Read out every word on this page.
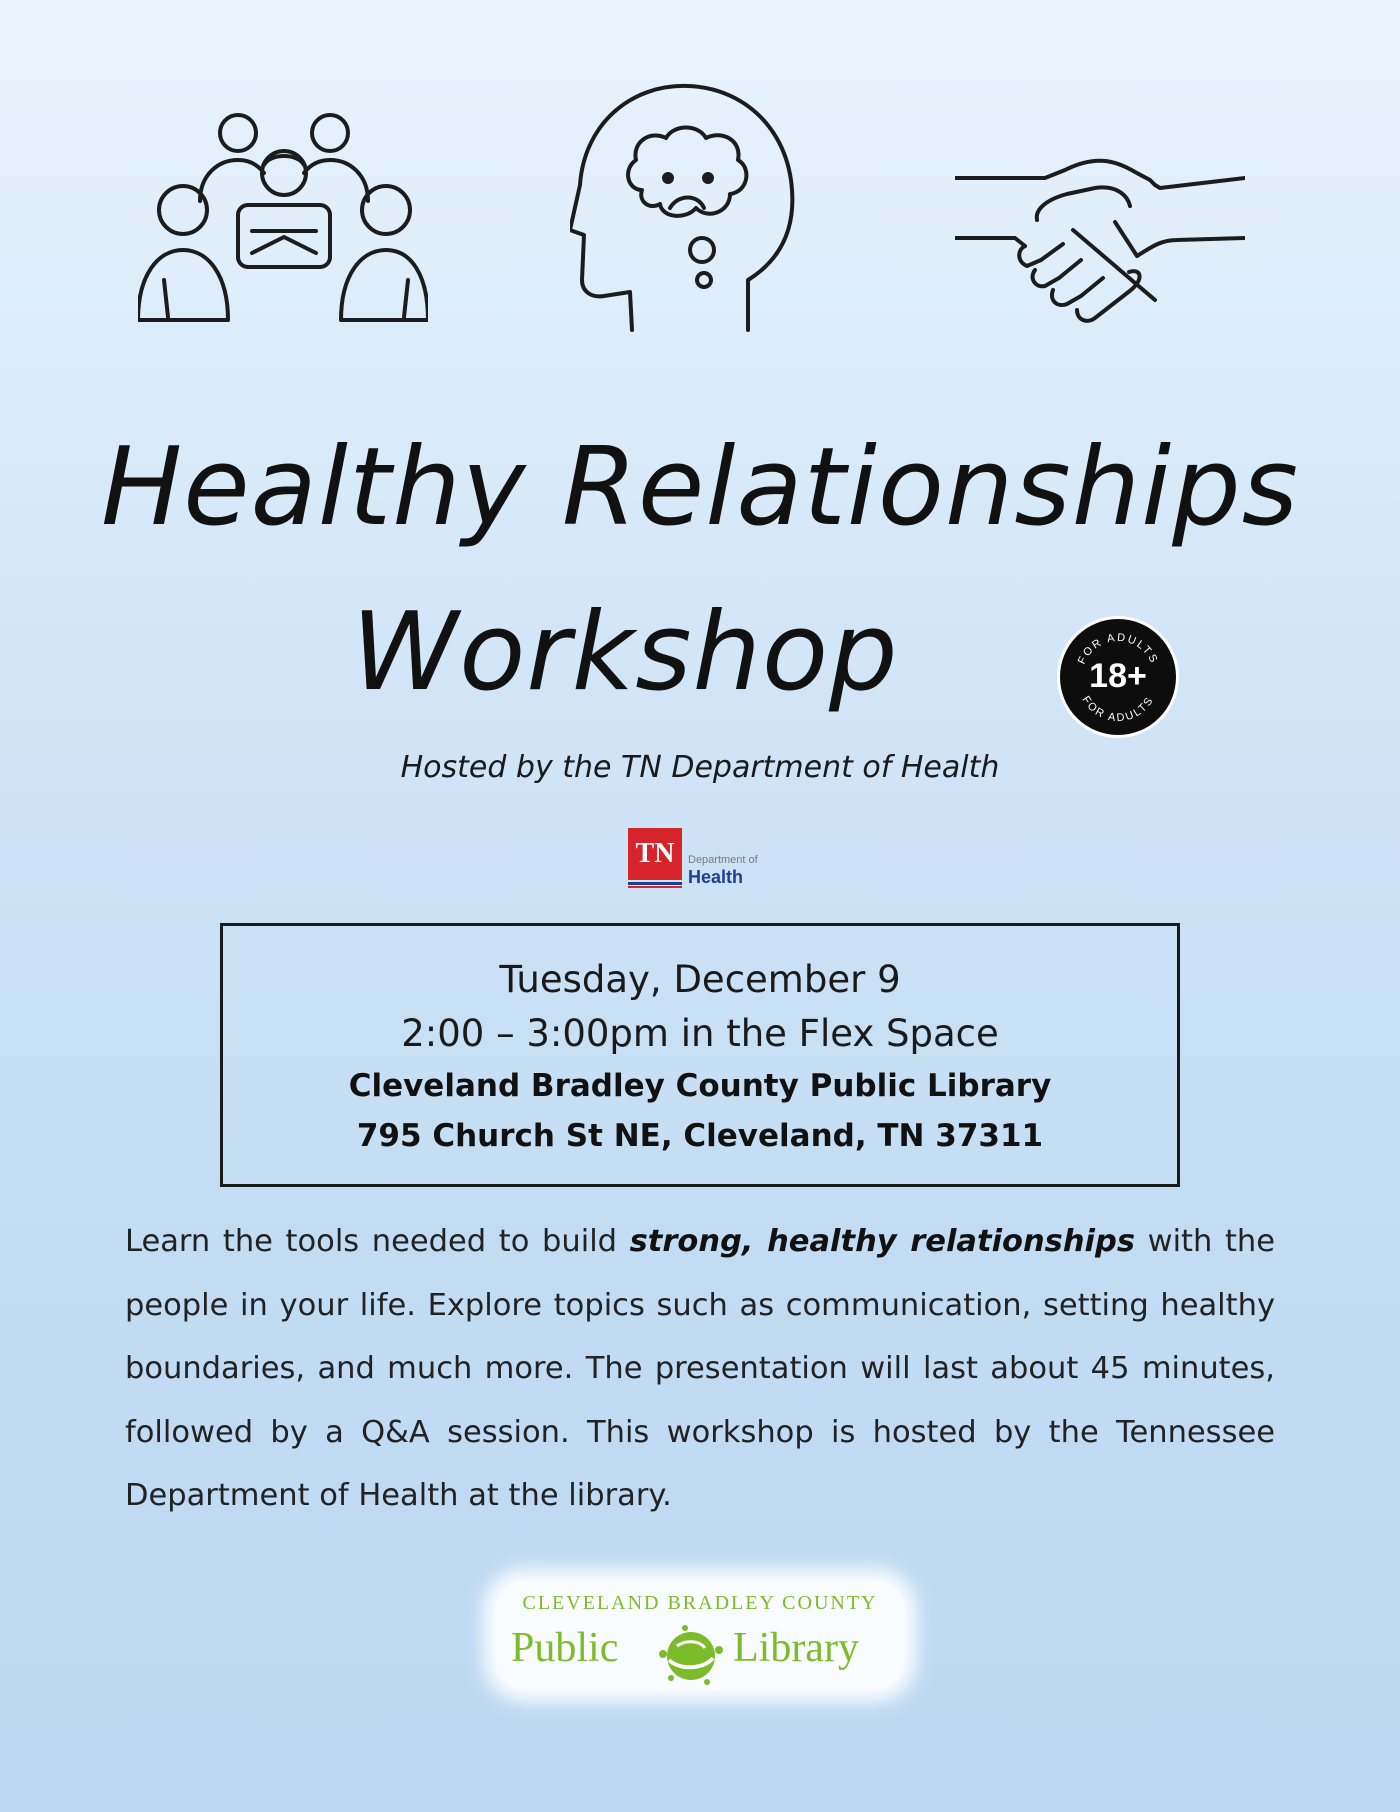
Healthy Relationships
Workshop	FOR ADULTS
FOR ADULTS
18+
Hosted by the TN Department of Health
TN	Department of
Health
Tuesday, December 9
2:00 – 3:00pm in the Flex Space
Cleveland Bradley County Public Library
795 Church St NE, Cleveland, TN 37311

Learn the tools needed to build strong, healthy relationships with the people in your life. Explore topics such as communication, setting healthy boundaries, and much more. The presentation will last about 45 minutes, followed by a Q&A session. This workshop is hosted by the Tennessee Department of Health at the library.

CLEVELAND BRADLEY COUNTY
Public	Library
